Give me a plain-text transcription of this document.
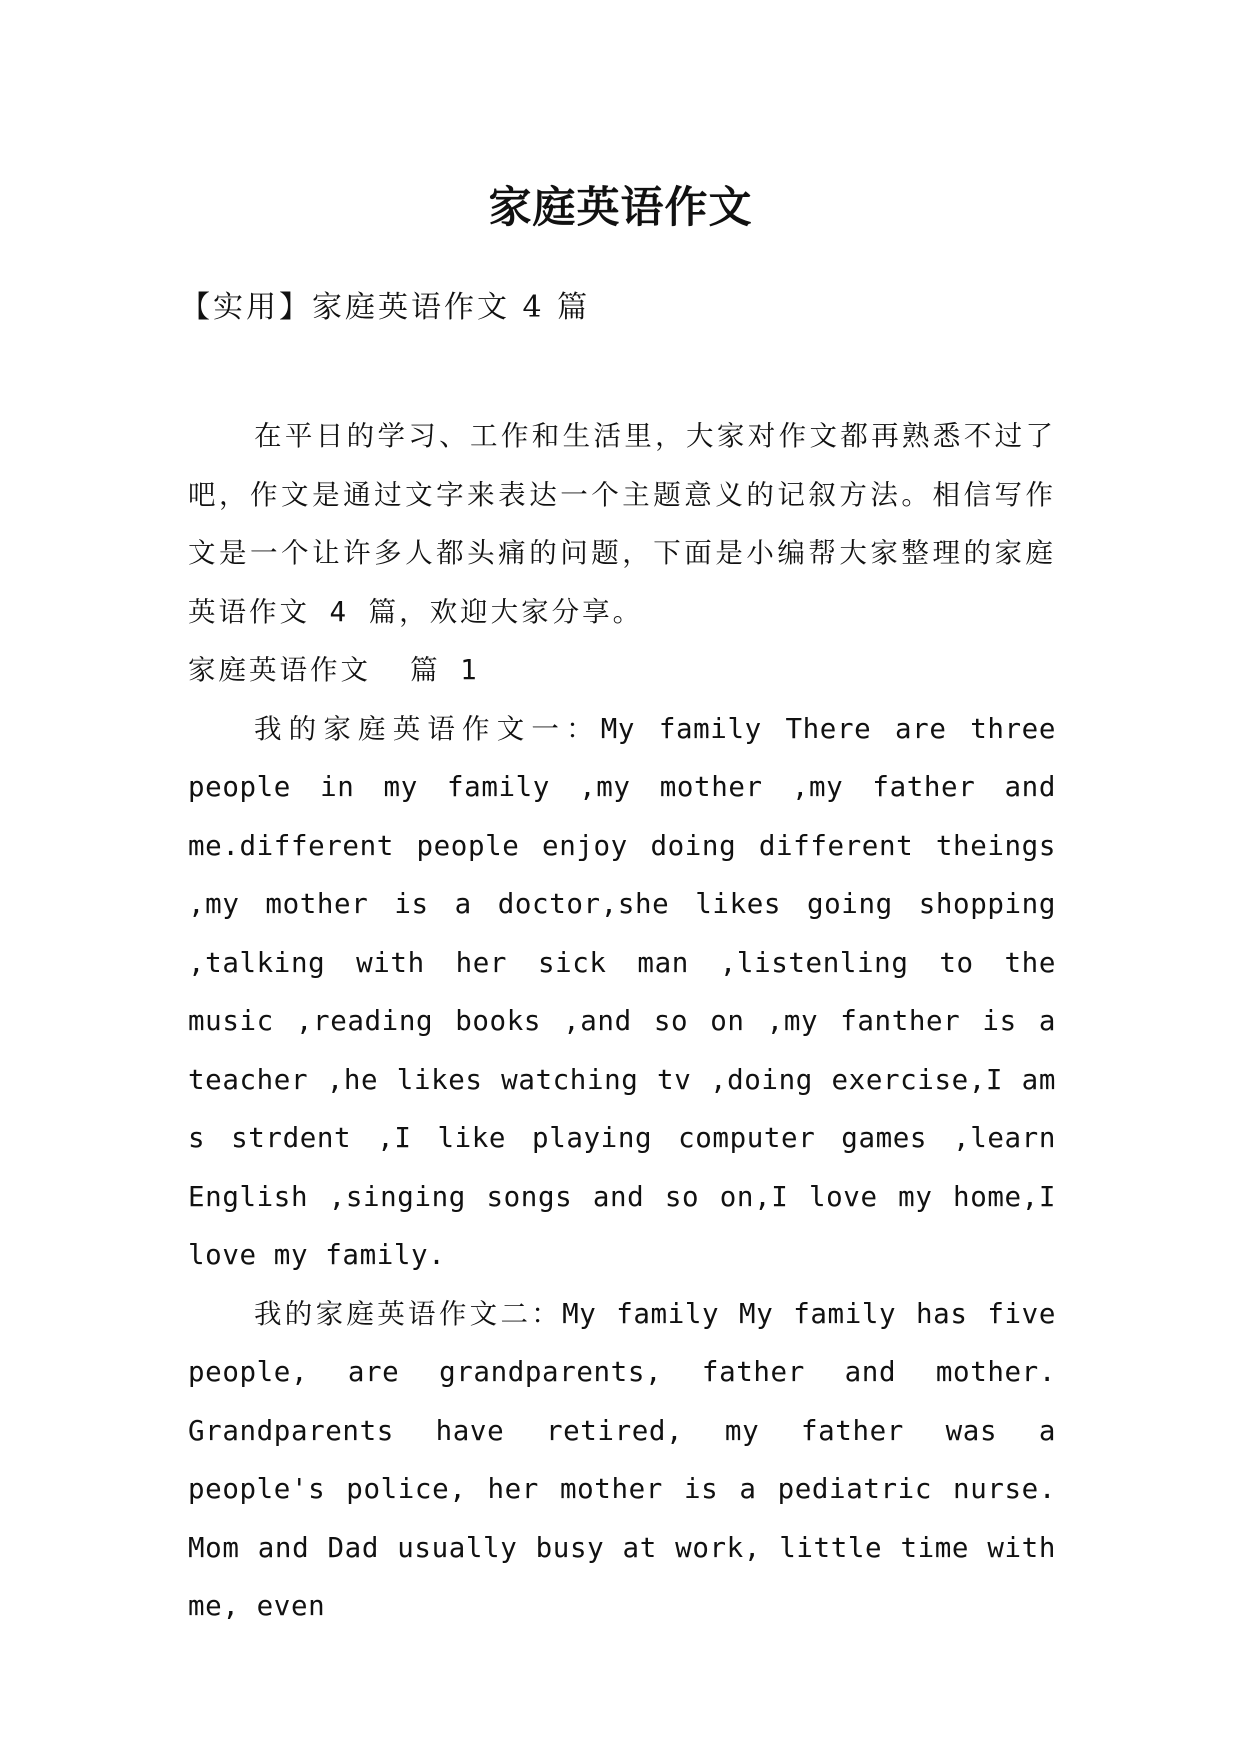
家庭英语作文
【实用】家庭英语作文 4 篇

在平日的学习、工作和生活里，大家对作文都再熟悉不过了吧，作文是通过文字来表达一个主题意义的记叙方法。相信写作文是一个让许多人都头痛的问题，下面是小编帮大家整理的家庭英语作文 4 篇，欢迎大家分享。

家庭英语作文  篇 1

我的家庭英语作文一：My family There are three people in my family ,my mother ,my father and me.different people enjoy doing different theings ,my mother is a doctor,she likes going shopping ,talking with her sick man ,listenling to the music ,reading books ,and so on ,my fanther is a teacher ,he likes watching tv ,doing exercise,I am s strdent ,I like playing computer games ,learn English ,singing songs and so on,I love my home,I love my family.

我的家庭英语作文二：My family My family has five people, are grandparents, father and mother. Grandparents have retired, my father was a people's police, her mother is a pediatric nurse. Mom and Dad usually busy at work, little time with me, even
